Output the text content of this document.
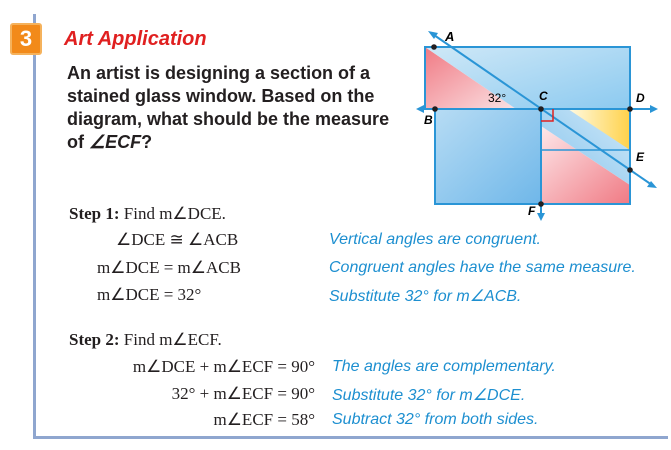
3	Art Application

An artist is designing a section of a
stained glass window. Based on the
diagram, what should be the measure
of ∠ECF?

A
B
C	D
E
F
32°

Step 1: Find m∠DCE.

∠DCE ≅ ∠ACB	Vertical angles are congruent.
m∠DCE = m∠ACB	Congruent angles have the same measure.
m∠DCE = 32°	Substitute 32° for m∠ACB.

Step 2: Find m∠ECF.

m∠DCE + m∠ECF = 90° The angles are complementary.
32° + m∠ECF = 90° Substitute 32° for m∠DCE.
m∠ECF = 58° Subtract 32° from both sides.
